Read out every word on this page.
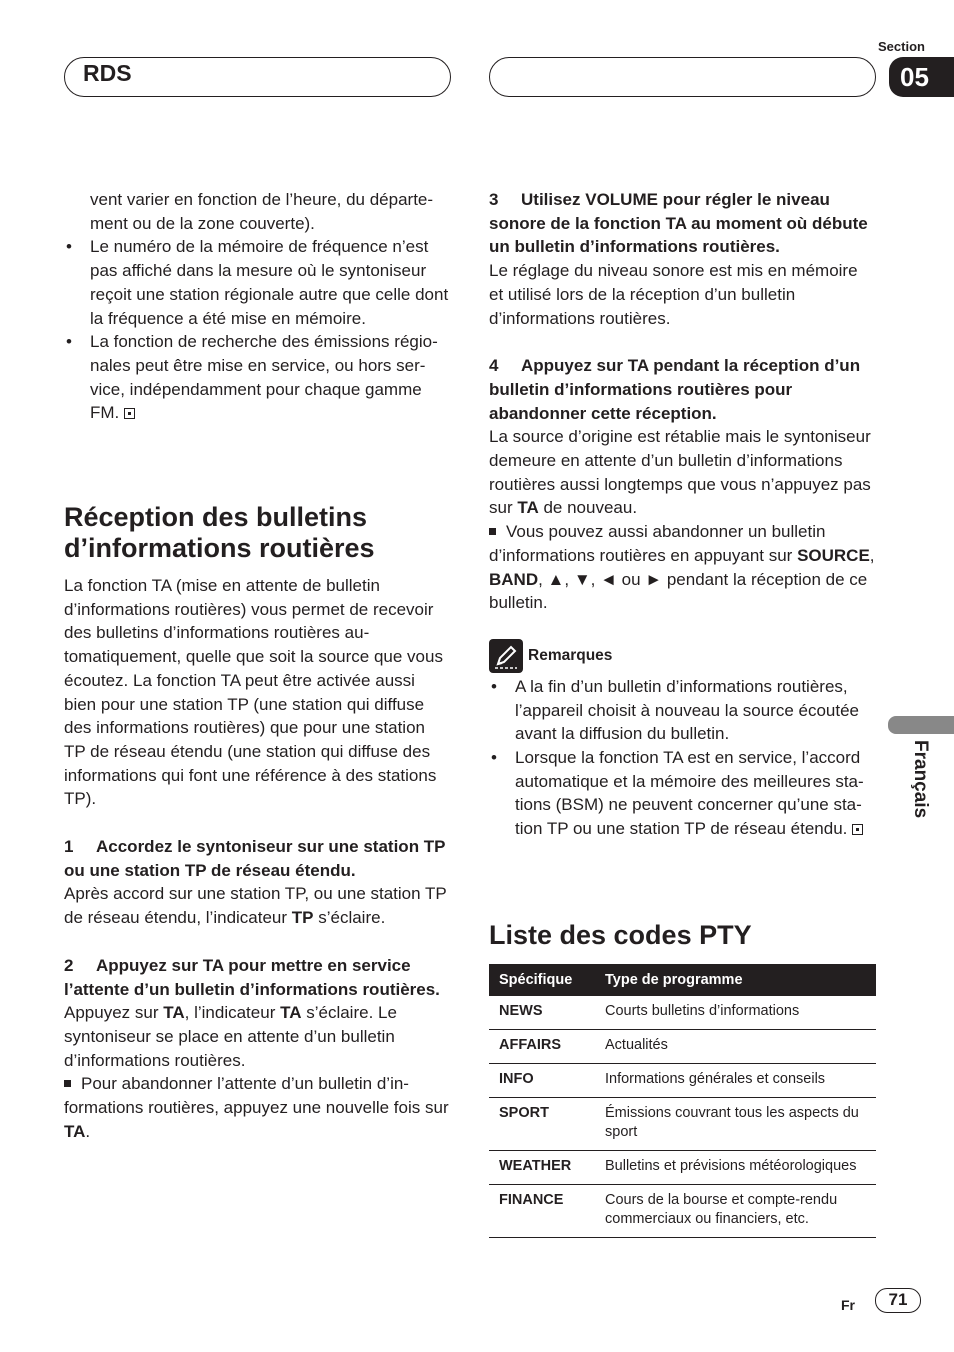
RDS
Section
05

vent varier en fonction de l’heure, du département ou de la zone couverte).

• Le numéro de la mémoire de fréquence n’est pas affiché dans la mesure où le syntoniseur reçoit une station régionale autre que celle dont la fréquence a été mise en mémoire.
• La fonction de recherche des émissions régionales peut être mise en service, ou hors service, indépendamment pour chaque gamme FM.
Réception des bulletins d’informations routières

La fonction TA (mise en attente de bulletin d’informations routières) vous permet de recevoir des bulletins d’informations routières automatiquement, quelle que soit la source que vous écoutez. La fonction TA peut être activée aussi bien pour une station TP (une station qui diffuse des informations routières) que pour une station TP de réseau étendu (une station qui diffuse des informations qui font une référence à des stations TP).

1 Accordez le syntoniseur sur une station TP ou une station TP de réseau étendu.

Après accord sur une station TP, ou une station TP de réseau étendu, l’indicateur TP s’éclaire.

2 Appuyez sur TA pour mettre en service l’attente d’un bulletin d’informations routières.

Appuyez sur TA, l’indicateur TA s’éclaire. Le syntoniseur se place en attente d’un bulletin d’informations routières.

Pour abandonner l’attente d’un bulletin d’informations routières, appuyez une nouvelle fois sur TA.

3 Utilisez VOLUME pour régler le niveau sonore de la fonction TA au moment où débute un bulletin d’informations routières.

Le réglage du niveau sonore est mis en mémoire et utilisé lors de la réception d’un bulletin d’informations routières.

4 Appuyez sur TA pendant la réception d’un bulletin d’informations routières pour abandonner cette réception.

La source d’origine est rétablie mais le syntoniseur demeure en attente d’un bulletin d’informations routières aussi longtemps que vous n’appuyez pas sur TA de nouveau.

Vous pouvez aussi abandonner un bulletin d’informations routières en appuyant sur SOURCE, BAND, ▲, ▼, ◄ ou ► pendant la réception de ce bulletin.

Remarques
• A la fin d’un bulletin d’informations routières, l’appareil choisit à nouveau la source écoutée avant la diffusion du bulletin.
• Lorsque la fonction TA est en service, l’accord automatique et la mémoire des meilleures stations (BSM) ne peuvent concerner qu’une station TP ou une station TP de réseau étendu.
Liste des codes PTY
Spécifique	Type de programme
NEWS	Courts bulletins d’informations
AFFAIRS	Actualités
INFO	Informations générales et conseils
SPORT	Émissions couvrant tous les aspects du sport
WEATHER	Bulletins et prévisions météorologiques
FINANCE	Cours de la bourse et compte-rendu commerciaux ou financiers, etc.
Français
Fr	71
